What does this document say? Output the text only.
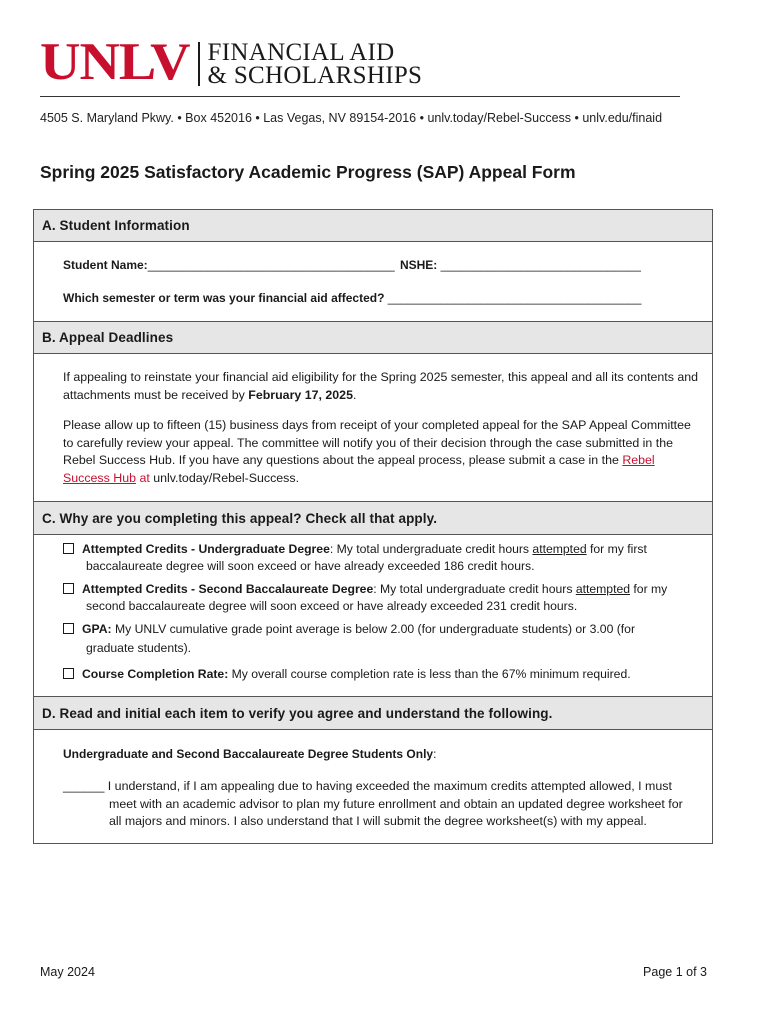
UNLV FINANCIAL AID
& SCHOLARSHIPS
4505 S. Maryland Pkwy. • Box 452016 • Las Vegas, NV 89154-2016 • unlv.today/Rebel-Success • unlv.edu/finaid
Spring 2025 Satisfactory Academic Progress (SAP) Appeal Form
A. Student Information
Student Name:_____________________________________ NSHE: ______________________________
Which semester or term was your financial aid affected? ______________________________________
B. Appeal Deadlines
If appealing to reinstate your financial aid eligibility for the Spring 2025 semester, this appeal and all its contents and attachments must be received by February 17, 2025.
Please allow up to fifteen (15) business days from receipt of your completed appeal for the SAP Appeal Committee to carefully review your appeal. The committee will notify you of their decision through the case submitted in the Rebel Success Hub. If you have any questions about the appeal process, please submit a case in the Rebel Success Hub at unlv.today/Rebel-Success.
C. Why are you completing this appeal? Check all that apply.
Attempted Credits - Undergraduate Degree: My total undergraduate credit hours attempted for my first
baccalaureate degree will soon exceed or have already exceeded 186 credit hours.
Attempted Credits - Second Baccalaureate Degree: My total undergraduate credit hours attempted for my
second baccalaureate degree will soon exceed or have already exceeded 231 credit hours.
GPA: My UNLV cumulative grade point average is below 2.00 (for undergraduate students) or 3.00 (for
graduate students).
Course Completion Rate: My overall course completion rate is less than the 67% minimum required.
D. Read and initial each item to verify you agree and understand the following.
Undergraduate and Second Baccalaureate Degree Students Only:
______ I understand, if I am appealing due to having exceeded the maximum credits attempted allowed, I must
meet with an academic advisor to plan my future enrollment and obtain an updated degree worksheet for
all majors and minors. I also understand that I will submit the degree worksheet(s) with my appeal.
May 2024	Page 1 of 3
